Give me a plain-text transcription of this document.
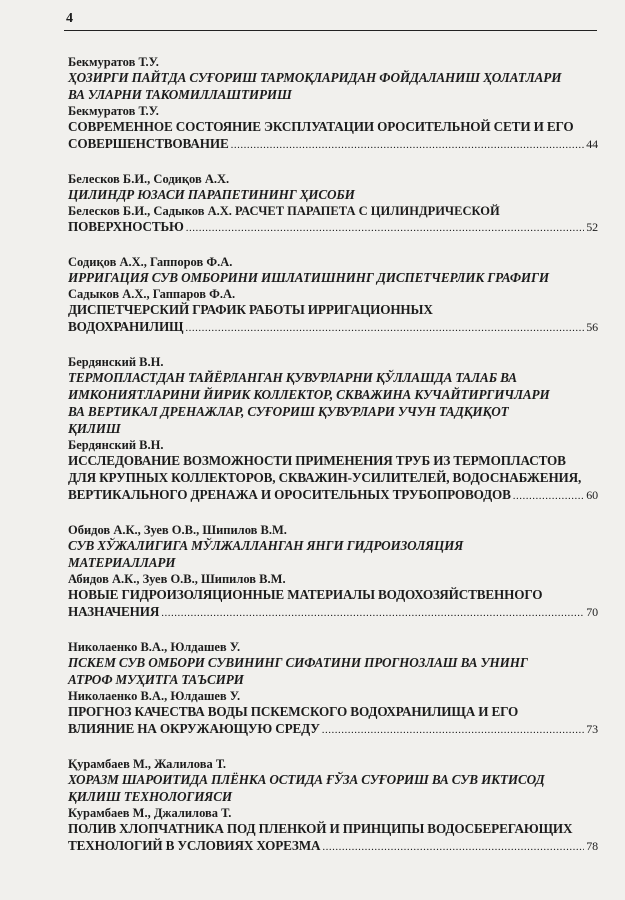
4

Бекмуратов Т.У.

ҲОЗИРГИ ПАЙТДА СУҒОРИШ ТАРМОҚЛАРИДАН ФОЙДАЛАНИШ ҲОЛАТЛАРИ

ВА УЛАРНИ ТАКОМИЛЛАШТИРИШ

Бекмуратов Т.У.

СОВРЕМЕННОЕ СОСТОЯНИЕ ЭКСПЛУАТАЦИИ ОРОСИТЕЛЬНОЙ СЕТИ И ЕГО

СОВЕРШЕНСТВОВАНИЕ .....	44

Белесков Б.И., Содиқов А.Х.

ЦИЛИНДР ЮЗАСИ ПАРАПЕТИНИНГ ҲИСОБИ

Белесков Б.И., Садыков А.Х. РАСЧЕТ ПАРАПЕТА С ЦИЛИНДРИЧЕСКОЙ

ПОВЕРХНОСТЬЮ .....	52

Содиқов А.Х., Гаппоров Ф.А.

ИРРИГАЦИЯ СУВ ОМБОРИНИ ИШЛАТИШНИНГ ДИСПЕТЧЕРЛИК ГРАФИГИ

Садыков А.Х., Гаппаров Ф.А.

ДИСПЕТЧЕРСКИЙ ГРАФИК РАБОТЫ ИРРИГАЦИОННЫХ

ВОДОХРАНИЛИЩ .....	56

Бердянский В.Н.

ТЕРМОПЛАСТДАН ТАЙЁРЛАНГАН ҚУВУРЛАРНИ ҚЎЛЛАШДА ТАЛАБ ВА

ИМКОНИЯТЛАРИНИ ЙИРИК КОЛЛЕКТОР, СКВАЖИНА КУЧАЙТИРГИЧЛАРИ

ВА ВЕРТИКАЛ ДРЕНАЖЛАР, СУҒОРИШ ҚУВУРЛАРИ УЧУН ТАДҚИҚОТ

ҚИЛИШ

Бердянский В.Н.

ИССЛЕДОВАНИЕ ВОЗМОЖНОСТИ ПРИМЕНЕНИЯ ТРУБ ИЗ ТЕРМОПЛАСТОВ

ДЛЯ КРУПНЫХ КОЛЛЕКТОРОВ, СКВАЖИН-УСИЛИТЕЛЕЙ, ВОДОСНАБЖЕНИЯ,

ВЕРТИКАЛЬНОГО ДРЕНАЖА И ОРОСИТЕЛЬНЫХ ТРУБОПРОВОДОВ .....	60

Обидов А.К., Зуев О.В., Шипилов В.М.

СУВ ХЎЖАЛИГИГА МЎЛЖАЛЛАНГАН ЯНГИ ГИДРОИЗОЛЯЦИЯ

МАТЕРИАЛЛАРИ

Абидов А.К., Зуев О.В., Шипилов В.М.

НОВЫЕ ГИДРОИЗОЛЯЦИОННЫЕ МАТЕРИАЛЫ ВОДОХОЗЯЙСТВЕННОГО

НАЗНАЧЕНИЯ .....	70

Николаенко В.А., Юлдашев У.

ПСКЕМ СУВ ОМБОРИ СУВИНИНГ СИФАТИНИ ПРОГНОЗЛАШ ВА УНИНГ

АТРОФ МУҲИТГА ТАЪСИРИ

Николаенко В.А., Юлдашев У.

ПРОГНОЗ КАЧЕСТВА ВОДЫ ПСКЕМСКОГО ВОДОХРАНИЛИЩА И ЕГО

ВЛИЯНИЕ НА ОКРУЖАЮЩУЮ СРЕДУ .....	73

Қурамбаев М., Жалилова Т.

ХОРАЗМ ШАРОИТИДА ПЛЁНКА ОСТИДА ҒЎЗА СУҒОРИШ ВА СУВ ИКТИСОД

ҚИЛИШ ТЕХНОЛОГИЯСИ

Курамбаев М., Джалилова Т.

ПОЛИВ ХЛОПЧАТНИКА ПОД ПЛЕНКОЙ И ПРИНЦИПЫ ВОДОСБЕРЕГАЮЩИХ

ТЕХНОЛОГИЙ В УСЛОВИЯХ ХОРЕЗМА .....	78
